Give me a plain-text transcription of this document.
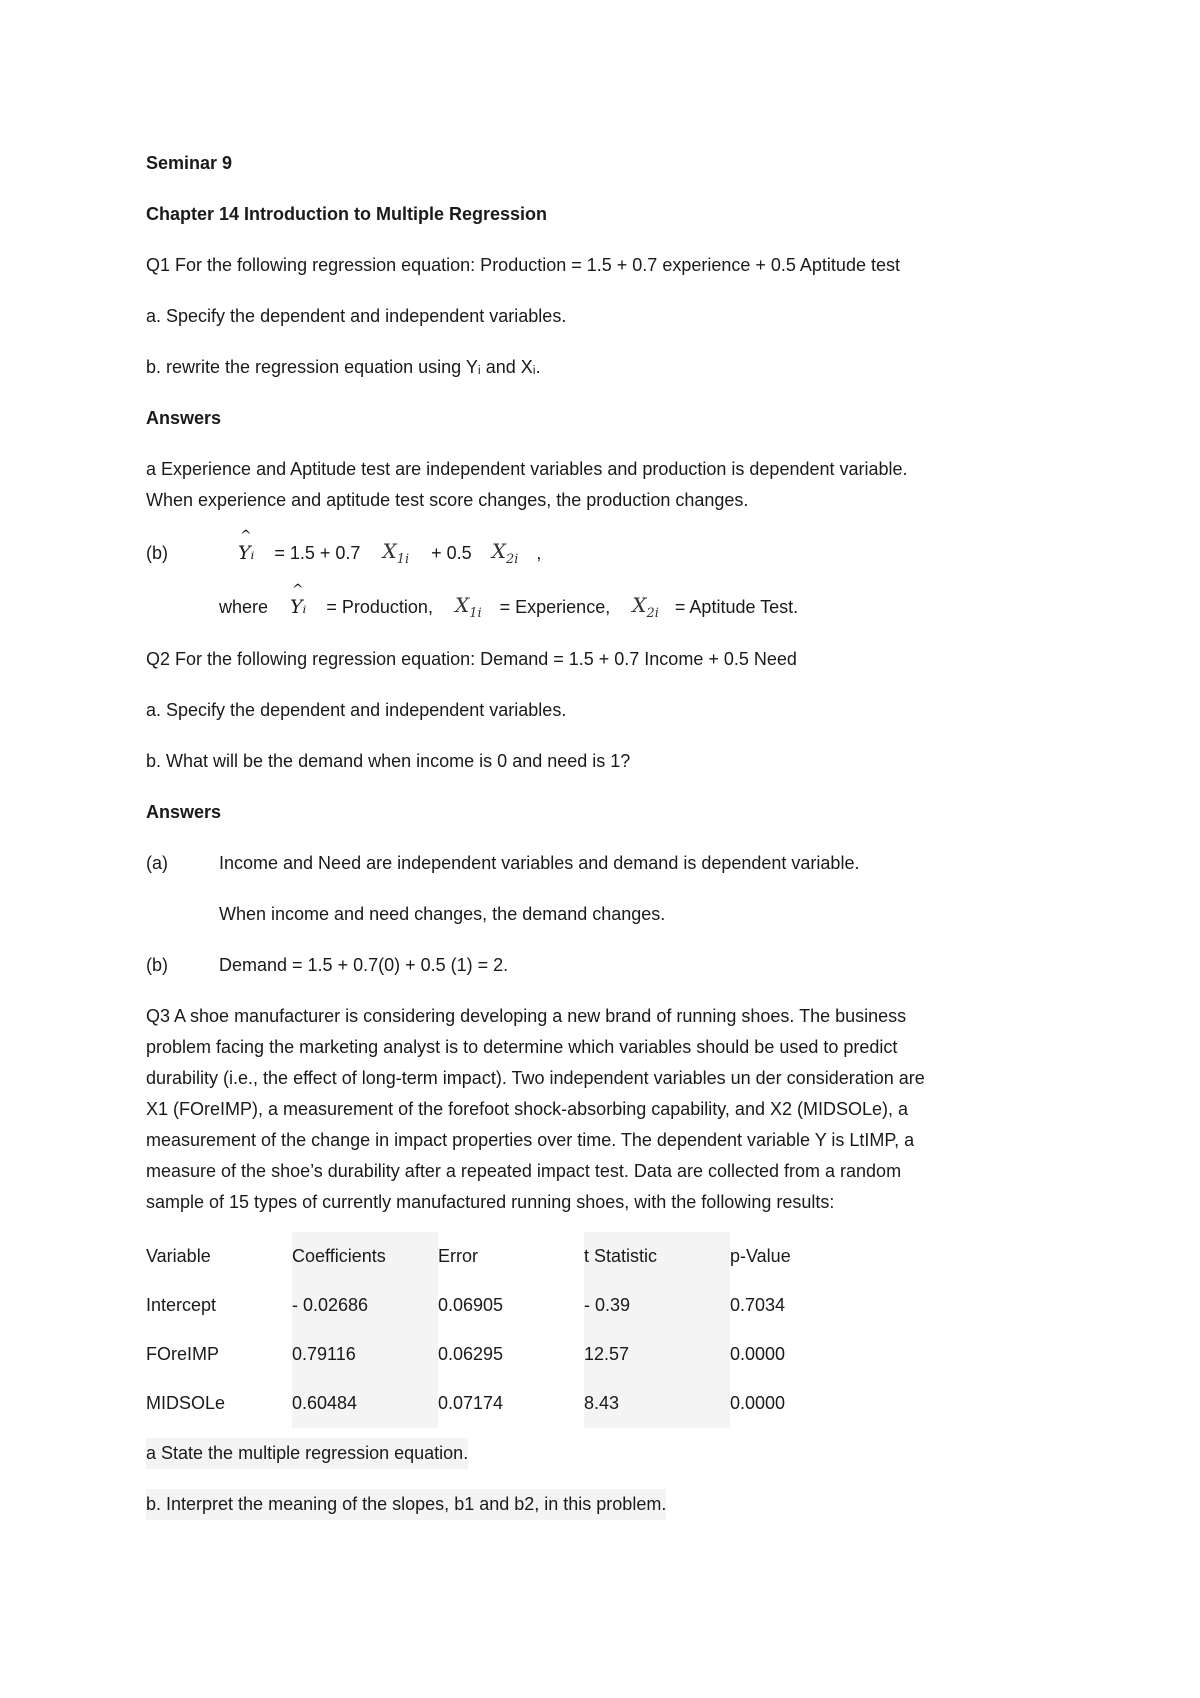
Seminar 9

Chapter 14 Introduction to Multiple Regression

Q1 For the following regression equation: Production = 1.5 + 0.7 experience + 0.5 Aptitude test

a. Specify the dependent and independent variables.

b. rewrite the regression equation using Yᵢ and Xᵢ.

Answers

a Experience and Aptitude test are independent variables and production is dependent variable.

When experience and aptitude test score changes, the production changes.

(b)
^
Yᵢ = 1.5 + 0.7 $X_{1i} + 0.5$ $X_{2i}$ ,
where
^
Yᵢ = Production, $X_{1i}$ = Experience, $X_{2i}$ = Aptitude Test.

Q2 For the following regression equation: Demand = 1.5 + 0.7 Income + 0.5 Need

a. Specify the dependent and independent variables.

b. What will be the demand when income is 0 and need is 1?

Answers

(a)	Income and Need are independent variables and demand is dependent variable.
When income and need changes, the demand changes.
(b)	Demand = 1.5 + 0.7(0) + 0.5 (1) = 2.

Q3 A shoe manufacturer is considering developing a new brand of running shoes. The business

problem facing the marketing analyst is to determine which variables should be used to predict

durability (i.e., the effect of long-term impact). Two independent variables un der consideration are

X1 (FOreIMP), a measurement of the forefoot shock-absorbing capability, and X2 (MIDSOLe), a

measurement of the change in impact properties over time. The dependent variable Y is LtIMP, a

measure of the shoe’s durability after a repeated impact test. Data are collected from a random

sample of 15 types of currently manufactured running shoes, with the following results:

Variable	Coefficients	Error	t Statistic	p-Value
Intercept	- 0.02686	0.06905	- 0.39	0.7034
FOreIMP	0.79116	0.06295	12.57	0.0000
MIDSOLe	0.60484	0.07174	8.43	0.0000

a State the multiple regression equation.

b. Interpret the meaning of the slopes, b1 and b2, in this problem.
